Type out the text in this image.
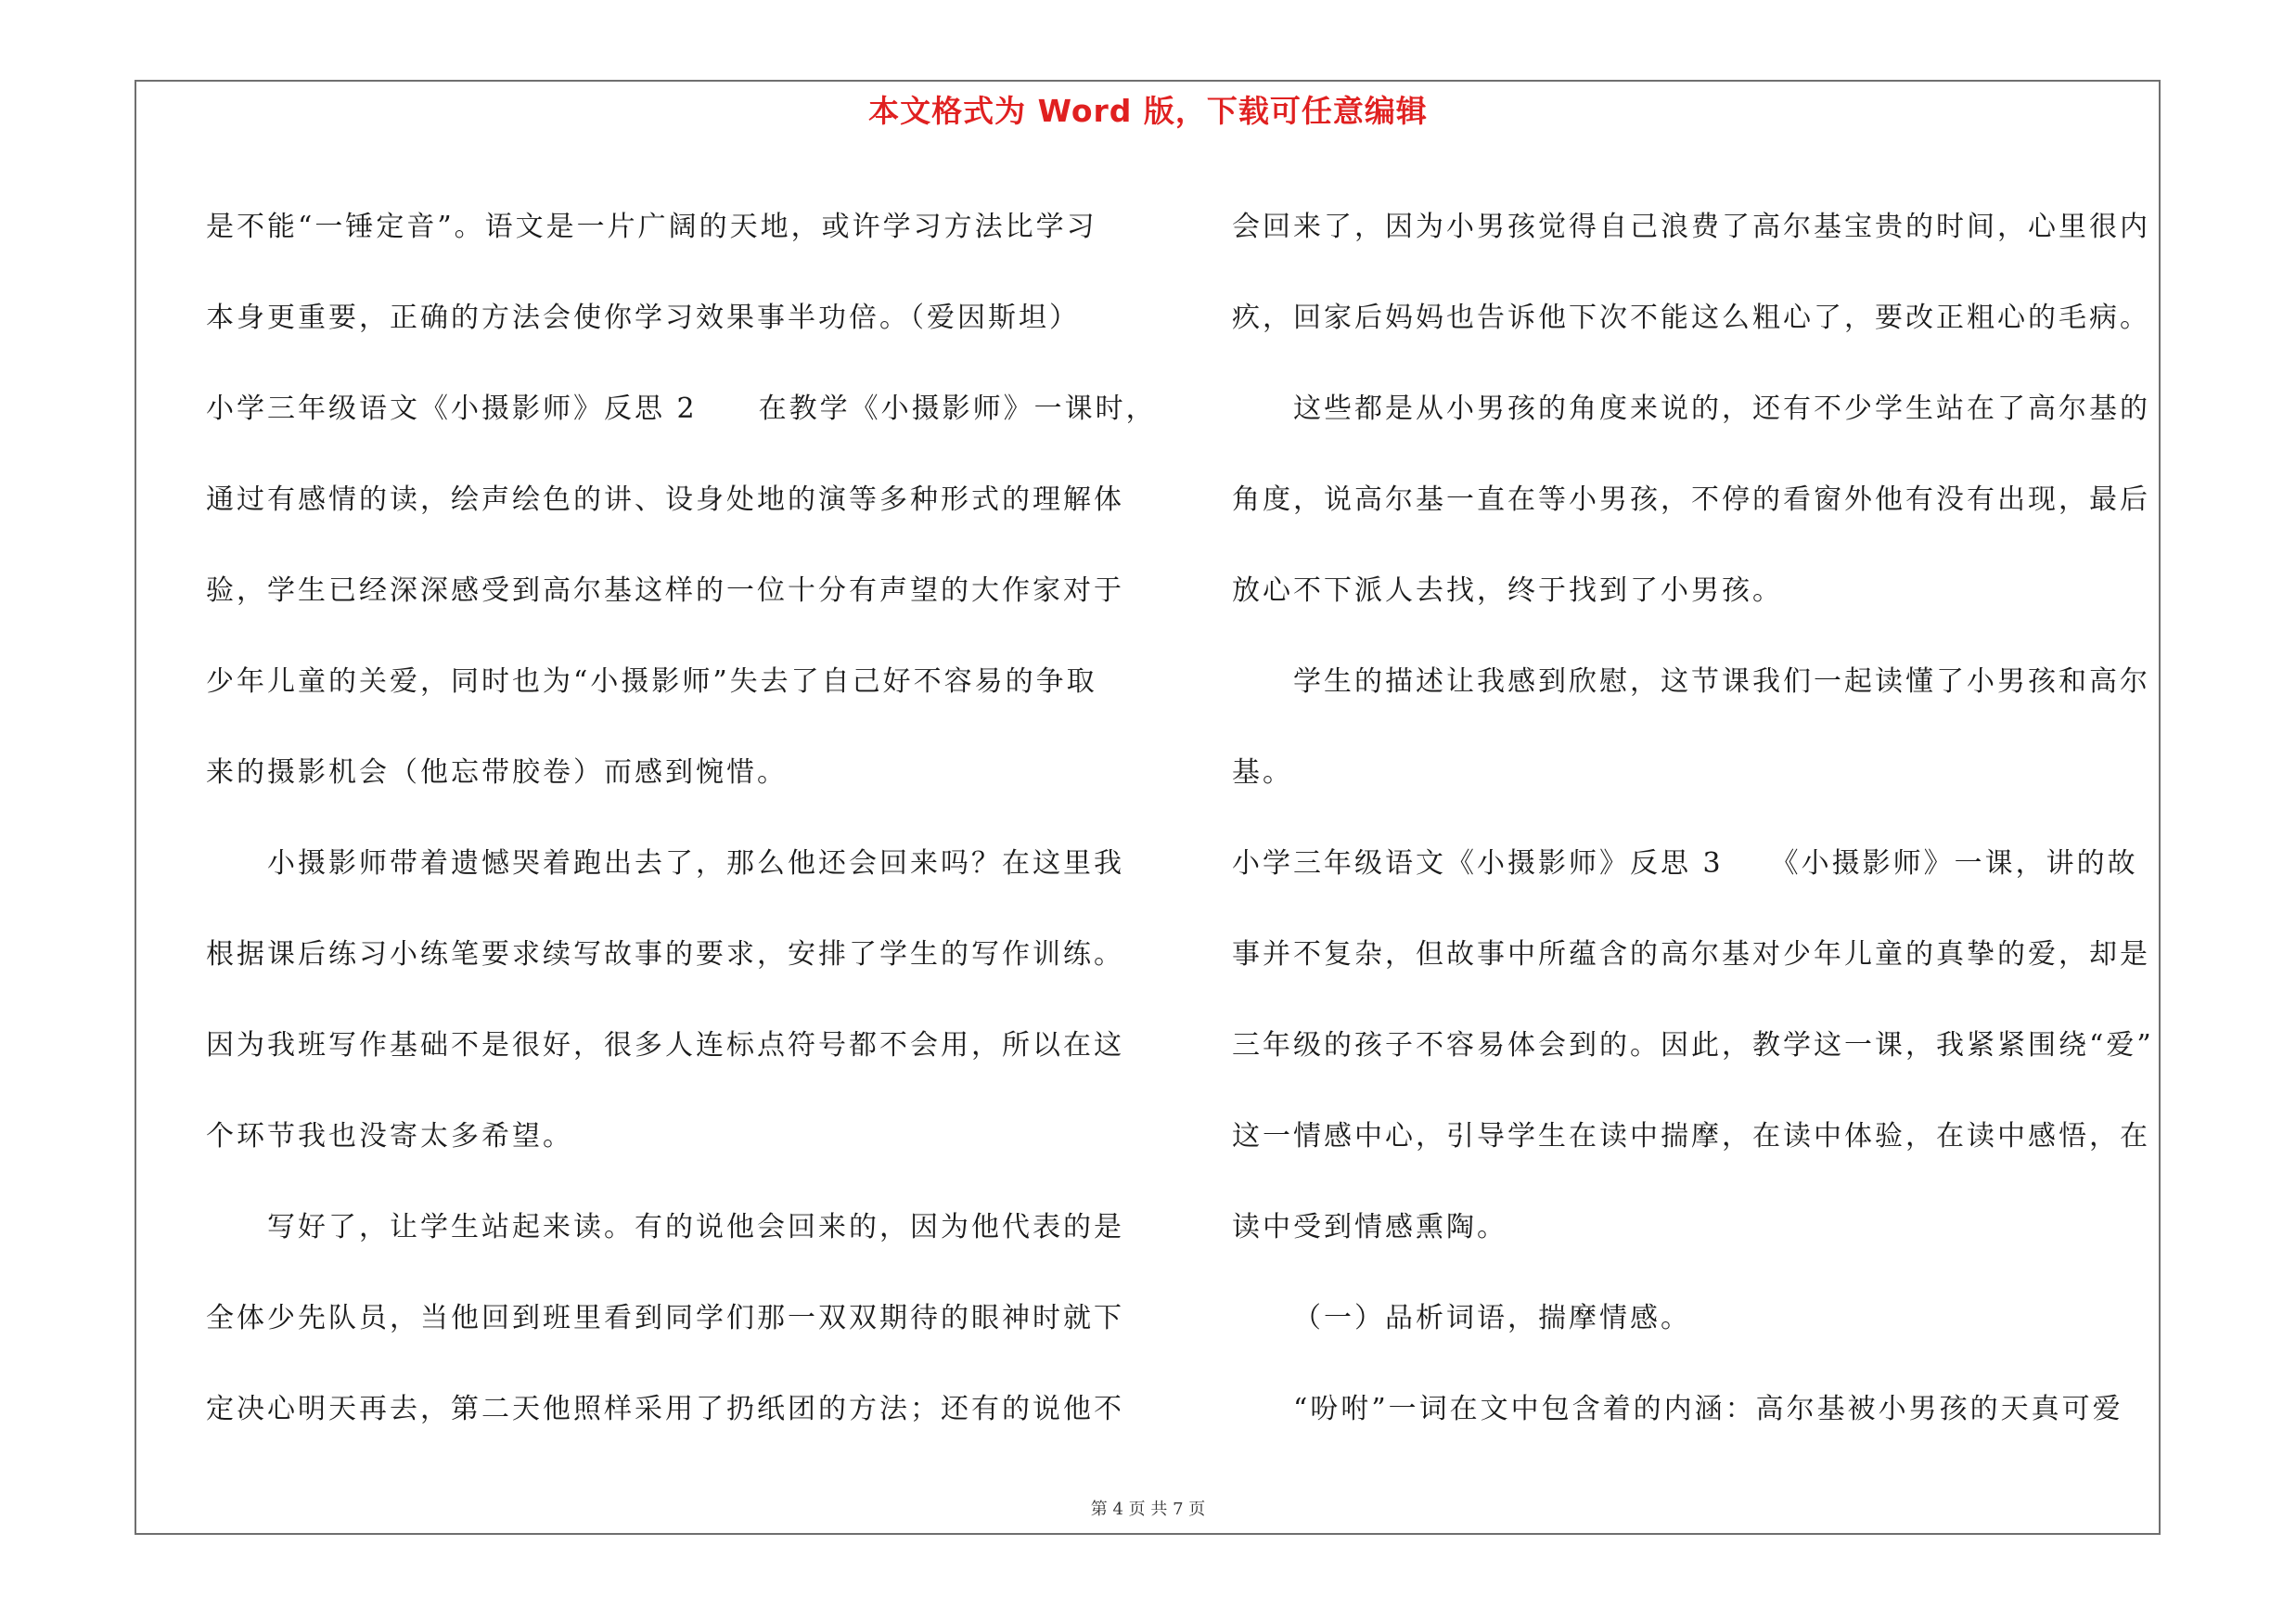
本文格式为 Word 版，下载可任意编辑
是不能“一锤定音”。语文是一片广阔的天地，或许学习方法比学习
本身更重要，正确的方法会使你学习效果事半功倍。（爱因斯坦）
小学三年级语文《小摄影师》反思 2　　在教学《小摄影师》一课时，
通过有感情的读，绘声绘色的讲、设身处地的演等多种形式的理解体
验，学生已经深深感受到高尔基这样的一位十分有声望的大作家对于
少年儿童的关爱，同时也为“小摄影师”失去了自己好不容易的争取
来的摄影机会（他忘带胶卷）而感到惋惜。
小摄影师带着遗憾哭着跑出去了，那么他还会回来吗？在这里我
根据课后练习小练笔要求续写故事的要求，安排了学生的写作训练。
因为我班写作基础不是很好，很多人连标点符号都不会用，所以在这
个环节我也没寄太多希望。
写好了，让学生站起来读。有的说他会回来的，因为他代表的是
全体少先队员，当他回到班里看到同学们那一双双期待的眼神时就下
定决心明天再去，第二天他照样采用了扔纸团的方法；还有的说他不
会回来了，因为小男孩觉得自己浪费了高尔基宝贵的时间，心里很内
疚，回家后妈妈也告诉他下次不能这么粗心了，要改正粗心的毛病。
这些都是从小男孩的角度来说的，还有不少学生站在了高尔基的
角度，说高尔基一直在等小男孩，不停的看窗外他有没有出现，最后
放心不下派人去找，终于找到了小男孩。
学生的描述让我感到欣慰，这节课我们一起读懂了小男孩和高尔
基。
小学三年级语文《小摄影师》反思 3　　《小摄影师》一课，讲的故
事并不复杂，但故事中所蕴含的高尔基对少年儿童的真挚的爱，却是
三年级的孩子不容易体会到的。因此，教学这一课，我紧紧围绕“爱”
这一情感中心，引导学生在读中揣摩，在读中体验，在读中感悟，在
读中受到情感熏陶。
（一）品析词语，揣摩情感。
“吩咐”一词在文中包含着的内涵：高尔基被小男孩的天真可爱
第 4 页 共 7 页
